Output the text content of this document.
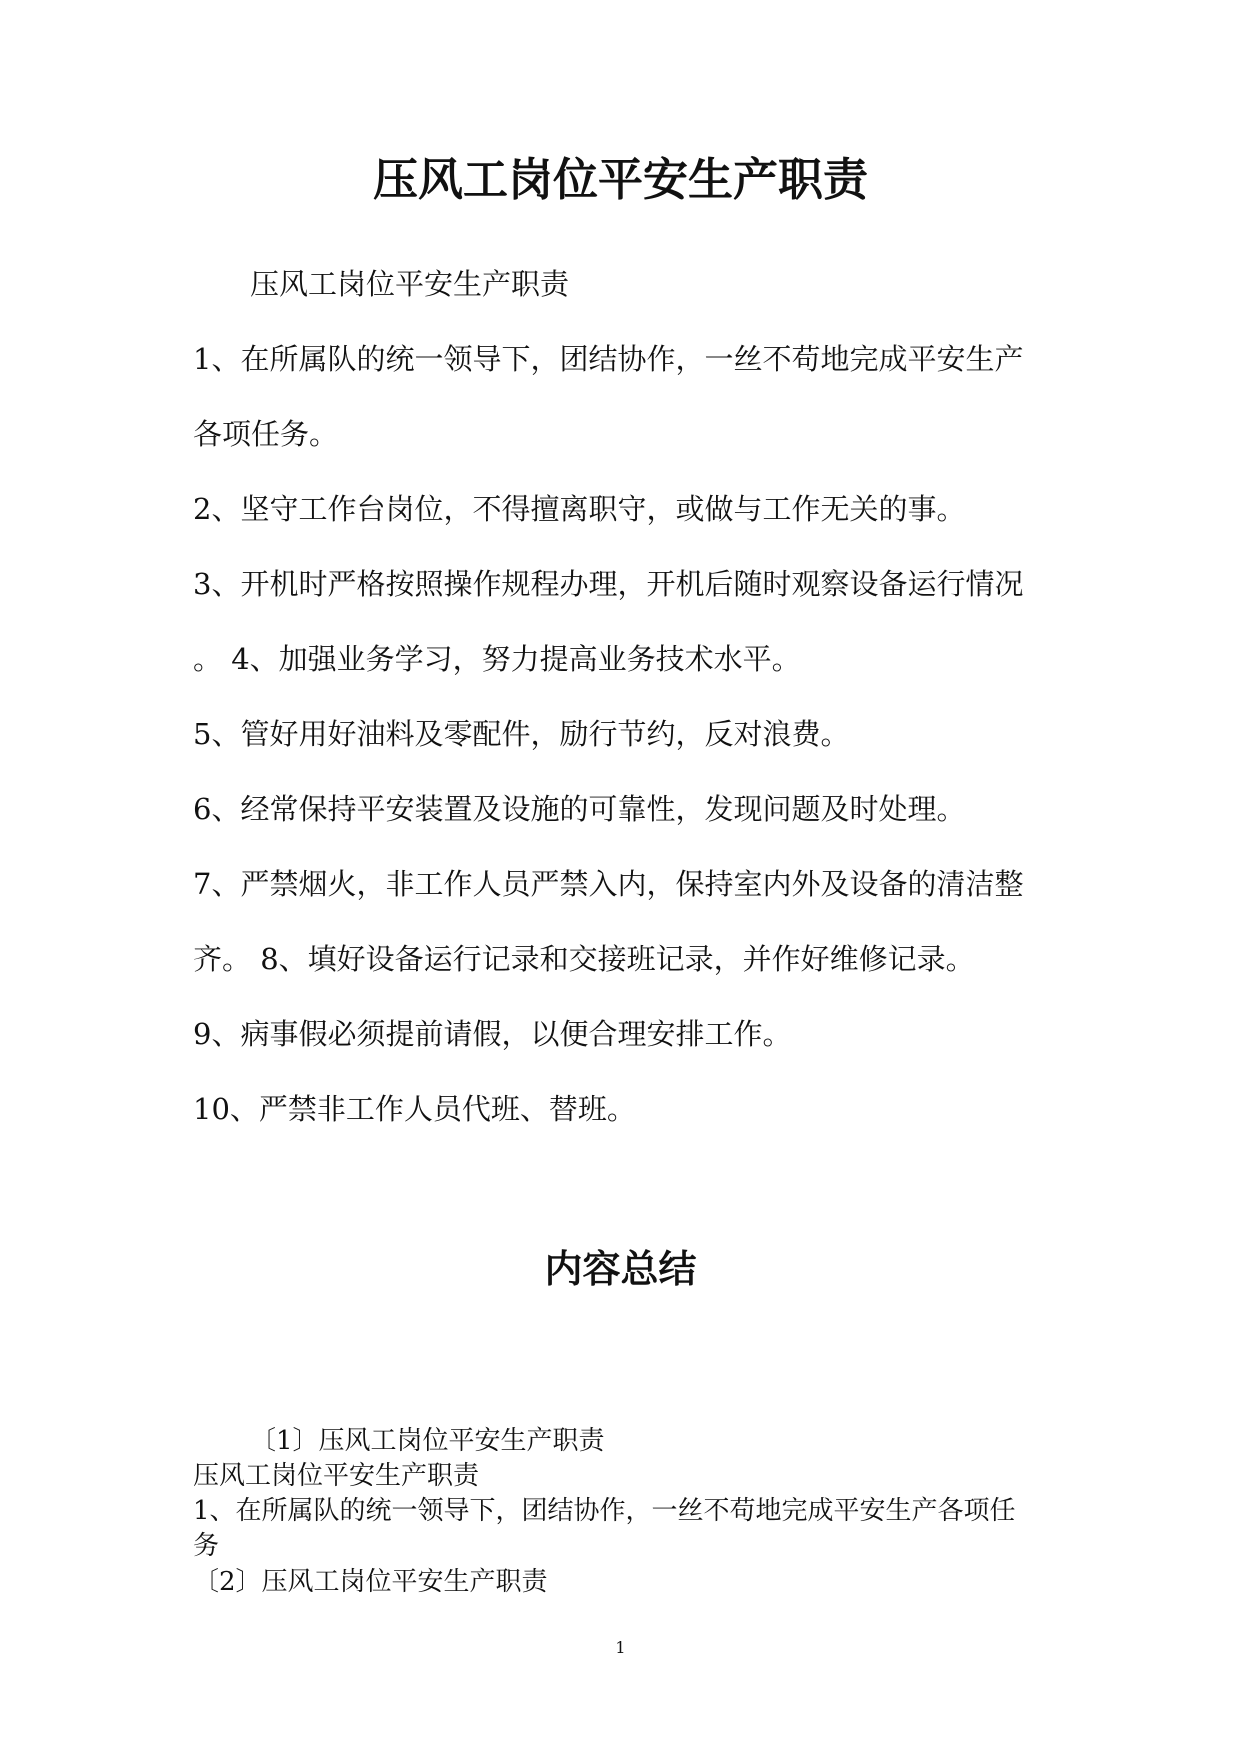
压风工岗位平安生产职责
压风工岗位平安生产职责
1、在所属队的统一领导下，团结协作，一丝不苟地完成平安生产
各项任务。
2、坚守工作台岗位，不得擅离职守，或做与工作无关的事。
3、开机时严格按照操作规程办理，开机后随时观察设备运行情况
。 4、加强业务学习，努力提高业务技术水平。
5、管好用好油料及零配件，励行节约，反对浪费。
6、经常保持平安装置及设施的可靠性，发现问题及时处理。
7、严禁烟火，非工作人员严禁入内，保持室内外及设备的清洁整
齐。 8、填好设备运行记录和交接班记录，并作好维修记录。
9、病事假必须提前请假，以便合理安排工作。
10、严禁非工作人员代班、替班。
内容总结
〔1〕压风工岗位平安生产职责
压风工岗位平安生产职责
1、在所属队的统一领导下，团结协作，一丝不苟地完成平安生产各项任
务
〔2〕压风工岗位平安生产职责
1
